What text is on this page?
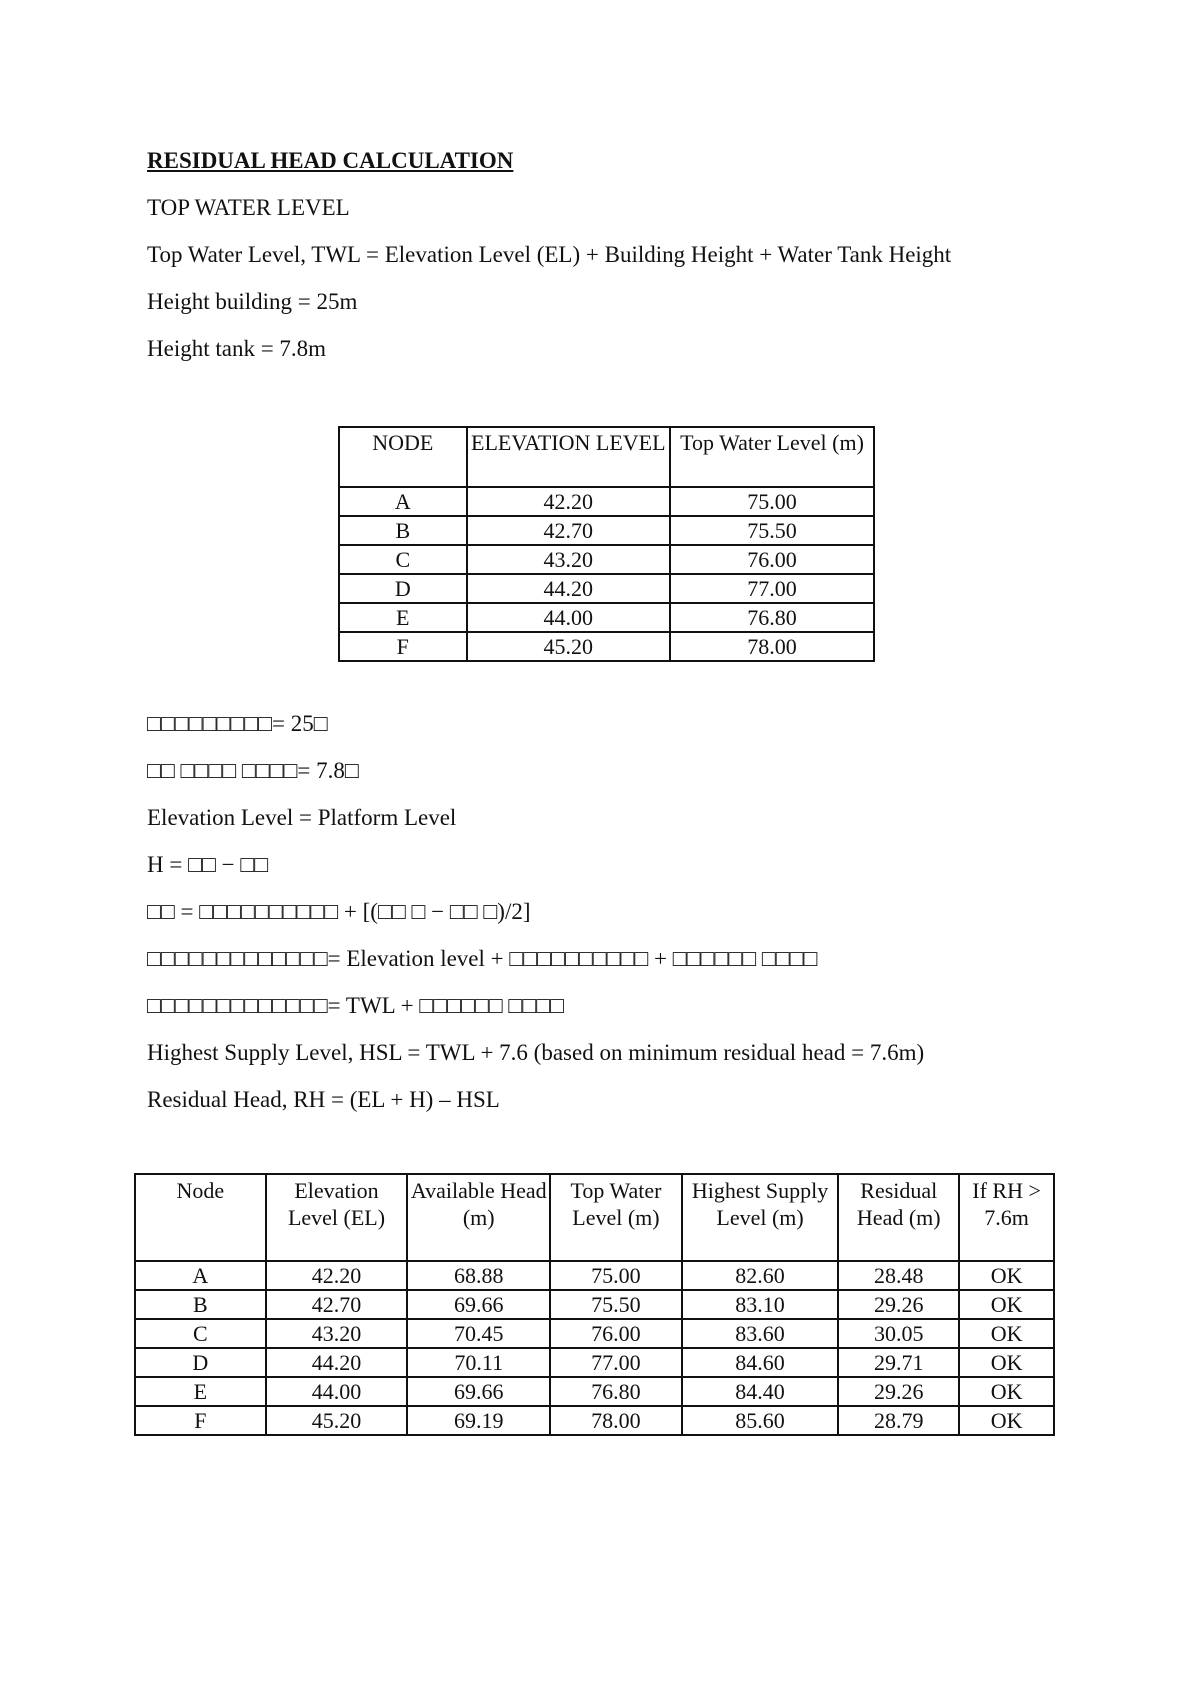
RESIDUAL HEAD CALCULATION
TOP WATER LEVEL
Top Water Level, TWL = Elevation Level (EL) + Building Height + Water Tank Height
Height building = 25m
Height tank = 7.8m
NODE	ELEVATION LEVEL	Top Water Level (m)
A	42.20	75.00
B	42.70	75.50
C	43.20	76.00
D	44.20	77.00
E	44.00	76.80
F	45.20	78.00
□□□□□□□□□= 25□
□□ □□□□ □□□□= 7.8□
Elevation Level = Platform Level
H = □□ − □□
□□ = □□□□□□□□□□ + [(□□ □ − □□ □)/2]
□□□□□□□□□□□□□= Elevation level + □□□□□□□□□□ + □□□□□□ □□□□
□□□□□□□□□□□□□= TWL + □□□□□□ □□□□
Highest Supply Level, HSL = TWL + 7.6 (based on minimum residual head = 7.6m)
Residual Head, RH = (EL + H) – HSL
Node	Elevation Level (EL)	Available Head (m)	Top Water Level (m)	Highest Supply Level (m)	Residual Head (m)	If RH > 7.6m
A	42.20	68.88	75.00	82.60	28.48	OK
B	42.70	69.66	75.50	83.10	29.26	OK
C	43.20	70.45	76.00	83.60	30.05	OK
D	44.20	70.11	77.00	84.60	29.71	OK
E	44.00	69.66	76.80	84.40	29.26	OK
F	45.20	69.19	78.00	85.60	28.79	OK
